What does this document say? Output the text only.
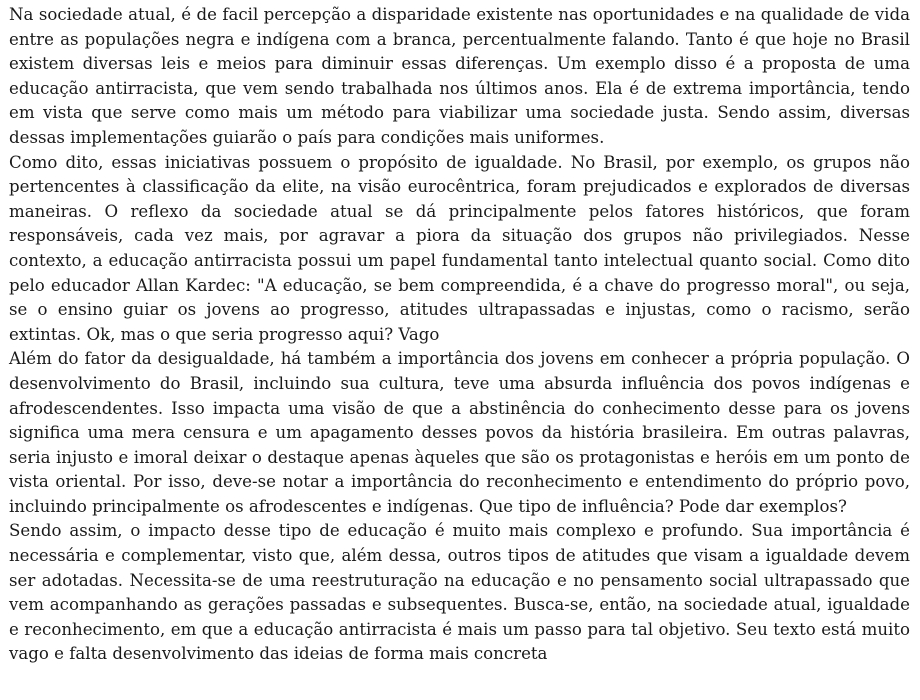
Na sociedade atual, é de facil percepção a disparidade existente nas oportunidades e na qualidade de vida entre as populações negra e indígena com a branca, percentualmente falando. Tanto é que hoje no Brasil existem diversas leis e meios para diminuir essas diferenças. Um exemplo disso é a proposta de uma educação antirracista, que vem sendo trabalhada nos últimos anos. Ela é de extrema importância, tendo em vista que serve como mais um método para viabilizar uma sociedade justa. Sendo assim, diversas dessas implementações guiarão o país para condições mais uniformes.

Como dito, essas iniciativas possuem o propósito de igualdade. No Brasil, por exemplo, os grupos não pertencentes à classificação da elite, na visão eurocêntrica, foram prejudicados e explorados de diversas maneiras. O reflexo da sociedade atual se dá principalmente pelos fatores históricos, que foram responsáveis, cada vez mais, por agravar a piora da situação dos grupos não privilegiados. Nesse contexto, a educação antirracista possui um papel fundamental tanto intelectual quanto social. Como dito pelo educador Allan Kardec: "A educação, se bem compreendida, é a chave do progresso moral", ou seja, se o ensino guiar os jovens ao progresso, atitudes ultrapassadas e injustas, como o racismo, serão extintas. Ok, mas o que seria progresso aqui? Vago

Além do fator da desigualdade, há também a importância dos jovens em conhecer a própria população. O desenvolvimento do Brasil, incluindo sua cultura, teve uma absurda influência dos povos indígenas e afrodescendentes. Isso impacta uma visão de que a abstinência do conhecimento desse para os jovens significa uma mera censura e um apagamento desses povos da história brasileira. Em outras palavras, seria injusto e imoral deixar o destaque apenas àqueles que são os protagonistas e heróis em um ponto de vista oriental. Por isso, deve-se notar a importância do reconhecimento e entendimento do próprio povo, incluindo principalmente os afrodescentes e indígenas. Que tipo de influência? Pode dar exemplos?

Sendo assim, o impacto desse tipo de educação é muito mais complexo e profundo. Sua importância é necessária e complementar, visto que, além dessa, outros tipos de atitudes que visam a igualdade devem ser adotadas. Necessita-se de uma reestruturação na educação e no pensamento social ultrapassado que vem acompanhando as gerações passadas e subsequentes. Busca-se, então, na sociedade atual, igualdade e reconhecimento, em que a educação antirracista é mais um passo para tal objetivo. Seu texto está muito vago e falta desenvolvimento das ideias de forma mais concreta
